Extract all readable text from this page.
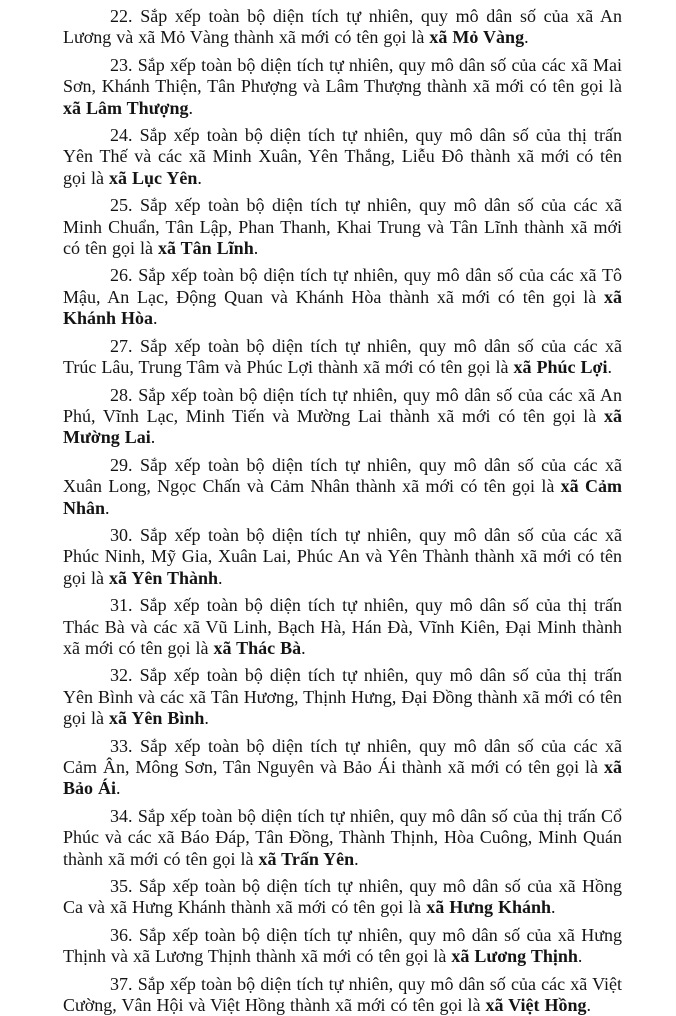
22. Sắp xếp toàn bộ diện tích tự nhiên, quy mô dân số của xã An Lương và xã Mỏ Vàng thành xã mới có tên gọi là xã Mỏ Vàng.

23. Sắp xếp toàn bộ diện tích tự nhiên, quy mô dân số của các xã Mai Sơn, Khánh Thiện, Tân Phượng và Lâm Thượng thành xã mới có tên gọi là xã Lâm Thượng.

24. Sắp xếp toàn bộ diện tích tự nhiên, quy mô dân số của thị trấn Yên Thế và các xã Minh Xuân, Yên Thắng, Liễu Đô thành xã mới có tên gọi là xã Lục Yên.

25. Sắp xếp toàn bộ diện tích tự nhiên, quy mô dân số của các xã Minh Chuẩn, Tân Lập, Phan Thanh, Khai Trung và Tân Lĩnh thành xã mới có tên gọi là xã Tân Lĩnh.

26. Sắp xếp toàn bộ diện tích tự nhiên, quy mô dân số của các xã Tô Mậu, An Lạc, Động Quan và Khánh Hòa thành xã mới có tên gọi là xã Khánh Hòa.

27. Sắp xếp toàn bộ diện tích tự nhiên, quy mô dân số của các xã Trúc Lâu, Trung Tâm và Phúc Lợi thành xã mới có tên gọi là xã Phúc Lợi.

28. Sắp xếp toàn bộ diện tích tự nhiên, quy mô dân số của các xã An Phú, Vĩnh Lạc, Minh Tiến và Mường Lai thành xã mới có tên gọi là xã Mường Lai.

29. Sắp xếp toàn bộ diện tích tự nhiên, quy mô dân số của các xã Xuân Long, Ngọc Chấn và Cảm Nhân thành xã mới có tên gọi là xã Cảm Nhân.

30. Sắp xếp toàn bộ diện tích tự nhiên, quy mô dân số của các xã Phúc Ninh, Mỹ Gia, Xuân Lai, Phúc An và Yên Thành thành xã mới có tên gọi là xã Yên Thành.

31. Sắp xếp toàn bộ diện tích tự nhiên, quy mô dân số của thị trấn Thác Bà và các xã Vũ Linh, Bạch Hà, Hán Đà, Vĩnh Kiên, Đại Minh thành xã mới có tên gọi là xã Thác Bà.

32. Sắp xếp toàn bộ diện tích tự nhiên, quy mô dân số của thị trấn Yên Bình và các xã Tân Hương, Thịnh Hưng, Đại Đồng thành xã mới có tên gọi là xã Yên Bình.

33. Sắp xếp toàn bộ diện tích tự nhiên, quy mô dân số của các xã Cảm Ân, Mông Sơn, Tân Nguyên và Bảo Ái thành xã mới có tên gọi là xã Bảo Ái.

34. Sắp xếp toàn bộ diện tích tự nhiên, quy mô dân số của thị trấn Cổ Phúc và các xã Báo Đáp, Tân Đồng, Thành Thịnh, Hòa Cuông, Minh Quán thành xã mới có tên gọi là xã Trấn Yên.

35. Sắp xếp toàn bộ diện tích tự nhiên, quy mô dân số của xã Hồng Ca và xã Hưng Khánh thành xã mới có tên gọi là xã Hưng Khánh.

36. Sắp xếp toàn bộ diện tích tự nhiên, quy mô dân số của xã Hưng Thịnh và xã Lương Thịnh thành xã mới có tên gọi là xã Lương Thịnh.

37. Sắp xếp toàn bộ diện tích tự nhiên, quy mô dân số của các xã Việt Cường, Vân Hội và Việt Hồng thành xã mới có tên gọi là xã Việt Hồng.
